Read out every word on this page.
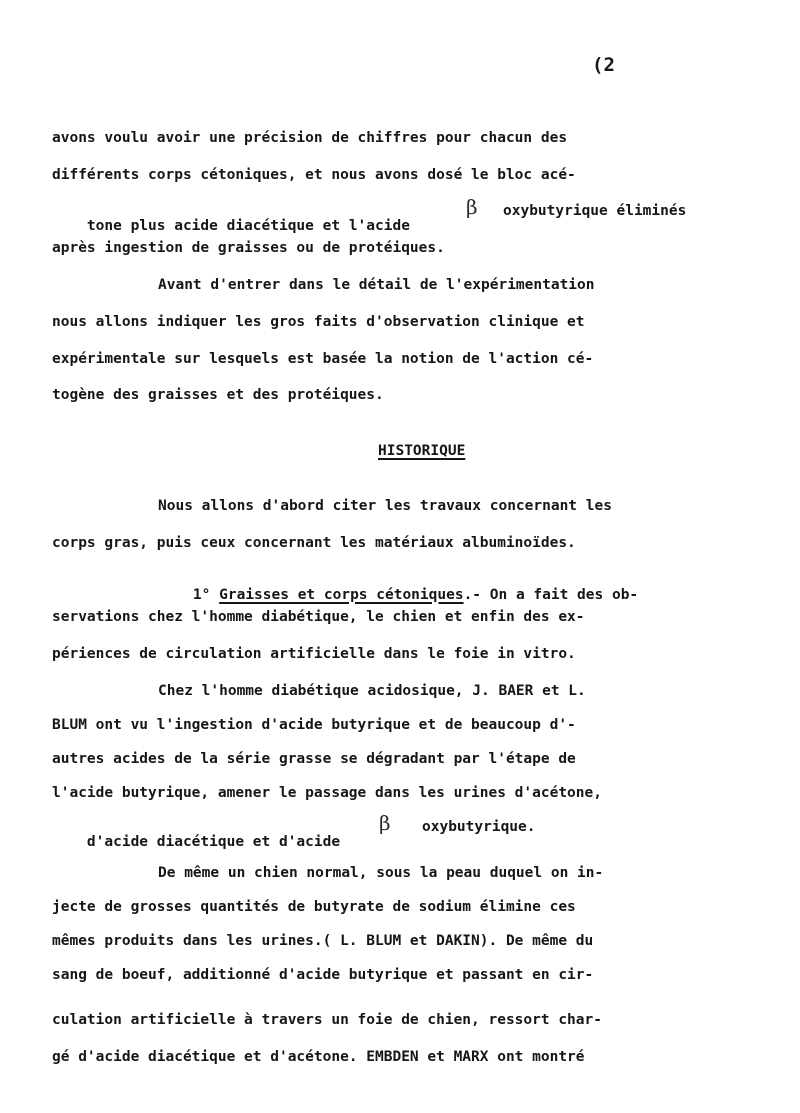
(2
avons voulu avoir une précision de chiffres pour chacun des
différents corps cétoniques, et nous avons dosé le bloc acé-

tone plus acide diacétique et l'acide

β oxybutyrique éliminés
après ingestion de graisses ou de protéiques.
Avant d'entrer dans le détail de l'expérimentation
nous allons indiquer les gros faits d'observation clinique et
expérimentale sur lesquels est basée la notion de l'action cé-
togène des graisses et des protéiques.
HISTORIQUE
Nous allons d'abord citer les travaux concernant les
corps gras, puis ceux concernant les matériaux albuminoïdes.

1° Graisses et corps cétoniques.- On a fait des ob-

servations chez l'homme diabétique, le chien et enfin des ex-
périences de circulation artificielle dans le foie in vitro.
Chez l'homme diabétique acidosique, J. BAER et L.
BLUM ont vu l'ingestion d'acide butyrique et de beaucoup d'-
autres acides de la série grasse se dégradant par l'étape de
l'acide butyrique, amener le passage dans les urines d'acétone,

d'acide diacétique et d'acide

β oxybutyrique.
De même un chien normal, sous la peau duquel on in-
jecte de grosses quantités de butyrate de sodium élimine ces
mêmes produits dans les urines.( L. BLUM et DAKIN). De même du
sang de boeuf, additionné d'acide butyrique et passant en cir-
culation artificielle à travers un foie de chien, ressort char-
gé d'acide diacétique et d'acétone. EMBDEN et MARX ont montré
